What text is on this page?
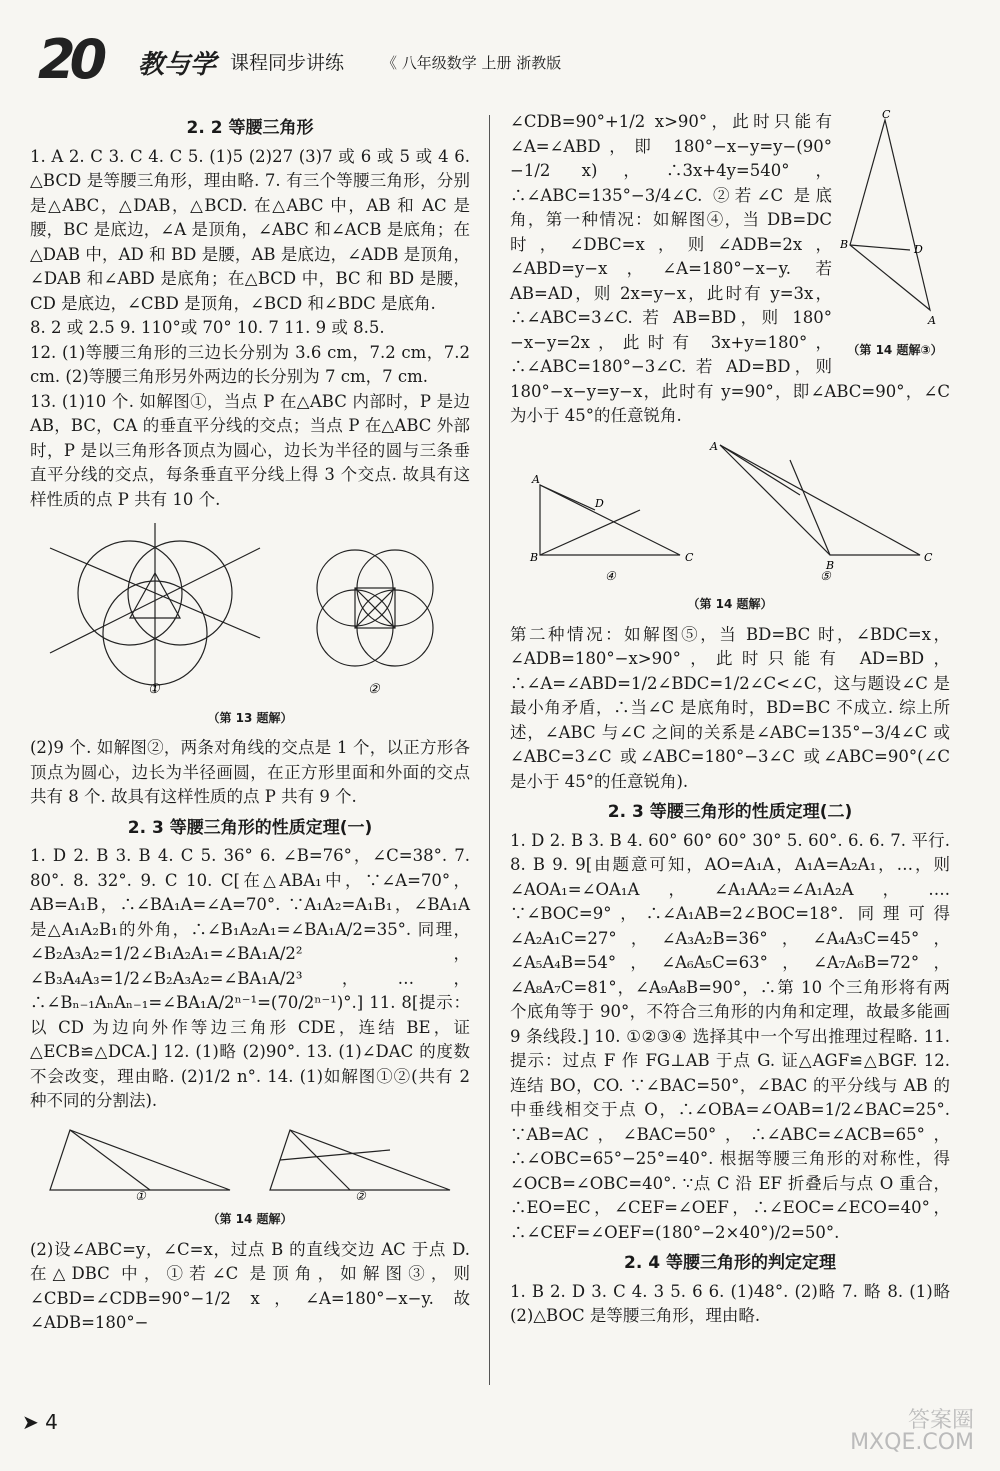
20 教与学 课程同步讲练	《 八年级数学 上册 浙教版
2. 2 等腰三角形

1. A 2. C 3. C 4. C 5. (1)5 (2)27 (3)7 或 6 或 5 或 4 6. △BCD 是等腰三角形，理由略. 7. 有三个等腰三角形，分别是△ABC，△DAB，△BCD. 在△ABC 中，AB 和 AC 是腰，BC 是底边，∠A 是顶角，∠ABC 和∠ACB 是底角；在△DAB 中，AD 和 BD 是腰，AB 是底边，∠ADB 是顶角，∠DAB 和∠ABD 是底角；在△BCD 中，BC 和 BD 是腰，CD 是底边，∠CBD 是顶角，∠BCD 和∠BDC 是底角.

8. 2 或 2.5 9. 110°或 70° 10. 7 11. 9 或 8.5.

12. (1)等腰三角形的三边长分别为 3.6 cm，7.2 cm，7.2 cm. (2)等腰三角形另外两边的长分别为 7 cm，7 cm.

13. (1)10 个. 如解图①，当点 P 在△ABC 内部时，P 是边 AB，BC，CA 的垂直平分线的交点；当点 P 在△ABC 外部时，P 是以三角形各顶点为圆心，边长为半径的圆与三条垂直平分线的交点，每条垂直平分线上得 3 个交点. 故具有这样性质的点 P 共有 10 个.

①	②
（第 13 题解）

(2)9 个. 如解图②，两条对角线的交点是 1 个，以正方形各顶点为圆心，边长为半径画圆，在正方形里面和外面的交点共有 8 个. 故具有这样性质的点 P 共有 9 个.

2. 3 等腰三角形的性质定理(一)

1. D 2. B 3. B 4. C 5. 36° 6. ∠B=76°，∠C=38°. 7. 80°. 8. 32°. 9. C 10. C[在△ABA₁中，∵∠A=70°，AB=A₁B，∴∠BA₁A=∠A=70°. ∵A₁A₂=A₁B₁，∠BA₁A 是△A₁A₂B₁的外角，∴∠B₁A₂A₁=∠BA₁A/2=35°. 同理，∠B₂A₃A₂=1/2∠B₁A₂A₁=∠BA₁A/2²，∠B₃A₄A₃=1/2∠B₂A₃A₂=∠BA₁A/2³，…，∴∠Bₙ₋₁AₙAₙ₋₁=∠BA₁A/2ⁿ⁻¹=(70/2ⁿ⁻¹)°.] 11. 8[提示：以 CD 为边向外作等边三角形 CDE，连结 BE，证△ECB≌△DCA.] 12. (1)略 (2)90°. 13. (1)∠DAC 的度数不会改变，理由略. (2)1/2 n°. 14. (1)如解图①②(共有 2 种不同的分割法).

①	②
（第 14 题解）

(2)设∠ABC=y，∠C=x，过点 B 的直线交边 AC 于点 D. 在△DBC 中，①若∠C 是顶角，如解图③，则∠CBD=∠CDB=90°−1/2 x，∠A=180°−x−y. 故∠ADB=180°−

C
B	D
A
（第 14 题解③）

∠CDB=90°+1/2 x>90°，此时只能有∠A=∠ABD，即 180°−x−y=y−(90°−1/2 x)，∴3x+4y=540°，∴∠ABC=135°−3/4∠C. ②若∠C 是底角，第一种情况：如解图④，当 DB=DC 时，∠DBC=x，则∠ADB=2x，∠ABD=y−x，∠A=180°−x−y. 若 AB=AD，则 2x=y−x，此时有 y=3x，∴∠ABC=3∠C. 若 AB=BD，则 180°−x−y=2x，此时有 3x+y=180°，∴∠ABC=180°−3∠C. 若 AD=BD，则 180°−x−y=y−x，此时有 y=90°，即∠ABC=90°，∠C 为小于 45°的任意锐角.

A
B	C
D
A
B
C
④	⑤
（第 14 题解）

第二种情况：如解图⑤，当 BD=BC 时，∠BDC=x，∠ADB=180°−x>90°，此时只能有 AD=BD，∴∠A=∠ABD=1/2∠BDC=1/2∠C<∠C，这与题设∠C 是最小角矛盾，∴当∠C 是底角时，BD=BC 不成立. 综上所述，∠ABC 与∠C 之间的关系是∠ABC=135°−3/4∠C 或∠ABC=3∠C 或∠ABC=180°−3∠C 或∠ABC=90°(∠C 是小于 45°的任意锐角).

2. 3 等腰三角形的性质定理(二)

1. D 2. B 3. B 4. 60° 60° 60° 30° 5. 60°. 6. 6. 7. 平行. 8. B 9. 9[由题意可知，AO=A₁A，A₁A=A₂A₁，…，则∠AOA₁=∠OA₁A，∠A₁AA₂=∠A₁A₂A，…. ∵∠BOC=9°，∴∠A₁AB=2∠BOC=18°. 同理可得∠A₂A₁C=27°，∠A₃A₂B=36°，∠A₄A₃C=45°，∠A₅A₄B=54°，∠A₆A₅C=63°，∠A₇A₆B=72°，∠A₈A₇C=81°，∠A₉A₈B=90°，∴第 10 个三角形将有两个底角等于 90°，不符合三角形的内角和定理，故最多能画 9 条线段.] 10. ①②③④ 选择其中一个写出推理过程略. 11. 提示：过点 F 作 FG⊥AB 于点 G. 证△AGF≌△BGF. 12. 连结 BO，CO. ∵∠BAC=50°，∠BAC 的平分线与 AB 的中垂线相交于点 O，∴∠OBA=∠OAB=1/2∠BAC=25°. ∵AB=AC，∠BAC=50°，∴∠ABC=∠ACB=65°，∴∠OBC=65°−25°=40°. 根据等腰三角形的对称性，得∠OCB=∠OBC=40°. ∵点 C 沿 EF 折叠后与点 O 重合，∴EO=EC，∠CEF=∠OEF，∴∠EOC=∠ECO=40°，∴∠CEF=∠OEF=(180°−2×40°)/2=50°.

2. 4 等腰三角形的判定定理

1. B 2. D 3. C 4. 3 5. 6 6. (1)48°. (2)略 7. 略 8. (1)略 (2)△BOC 是等腰三角形，理由略.

➤ 4	答案圈
MXQE.COM
